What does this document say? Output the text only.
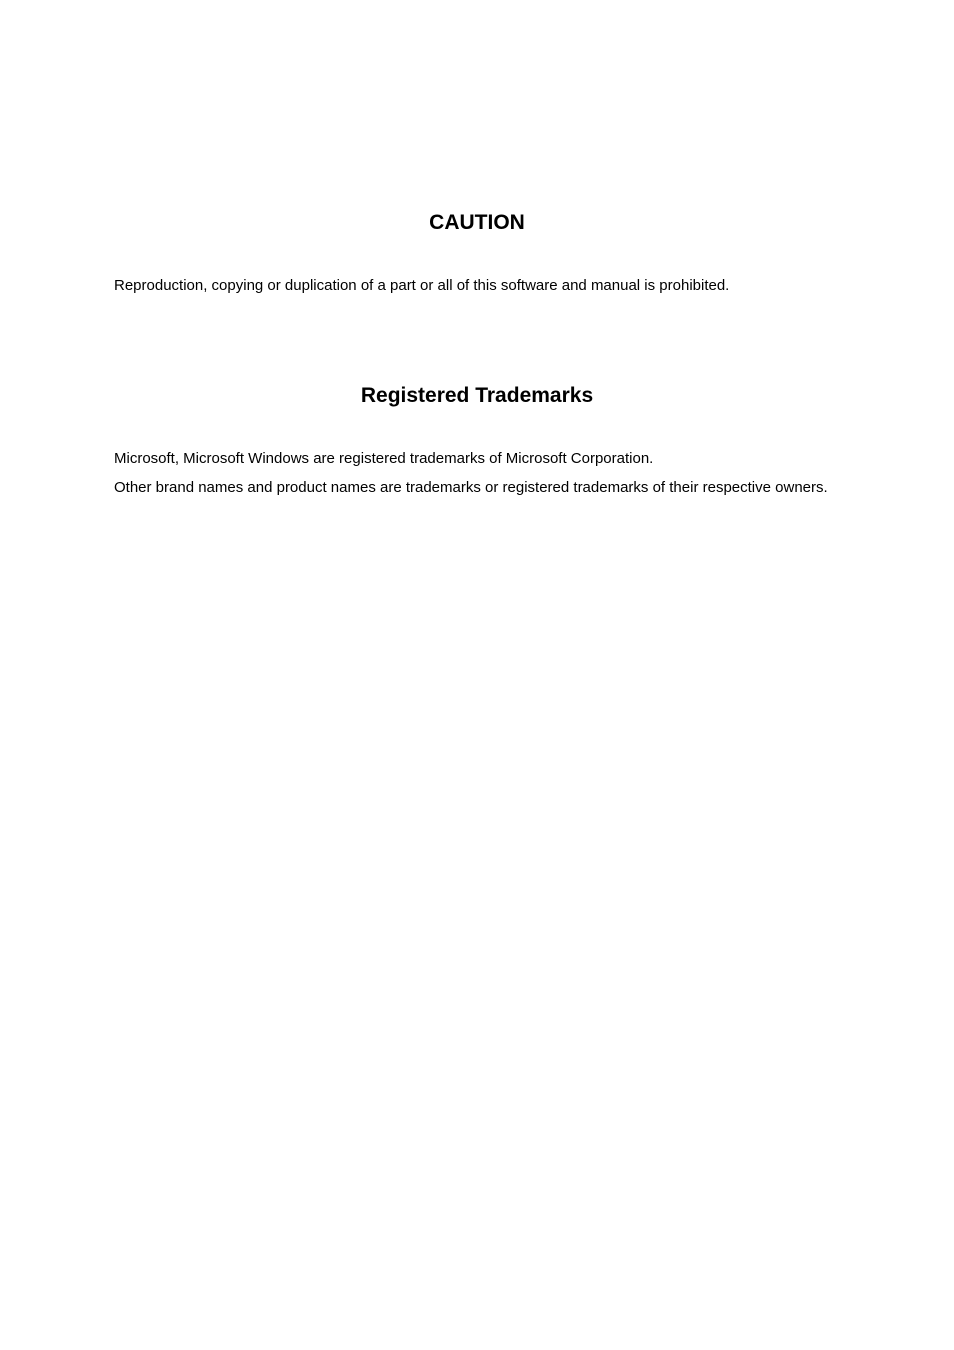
CAUTION

Reproduction, copying or duplication of a part or all of this software and manual is prohibited.

Registered Trademarks

Microsoft, Microsoft Windows are registered trademarks of Microsoft Corporation.

Other brand names and product names are trademarks or registered trademarks of their respective owners.
